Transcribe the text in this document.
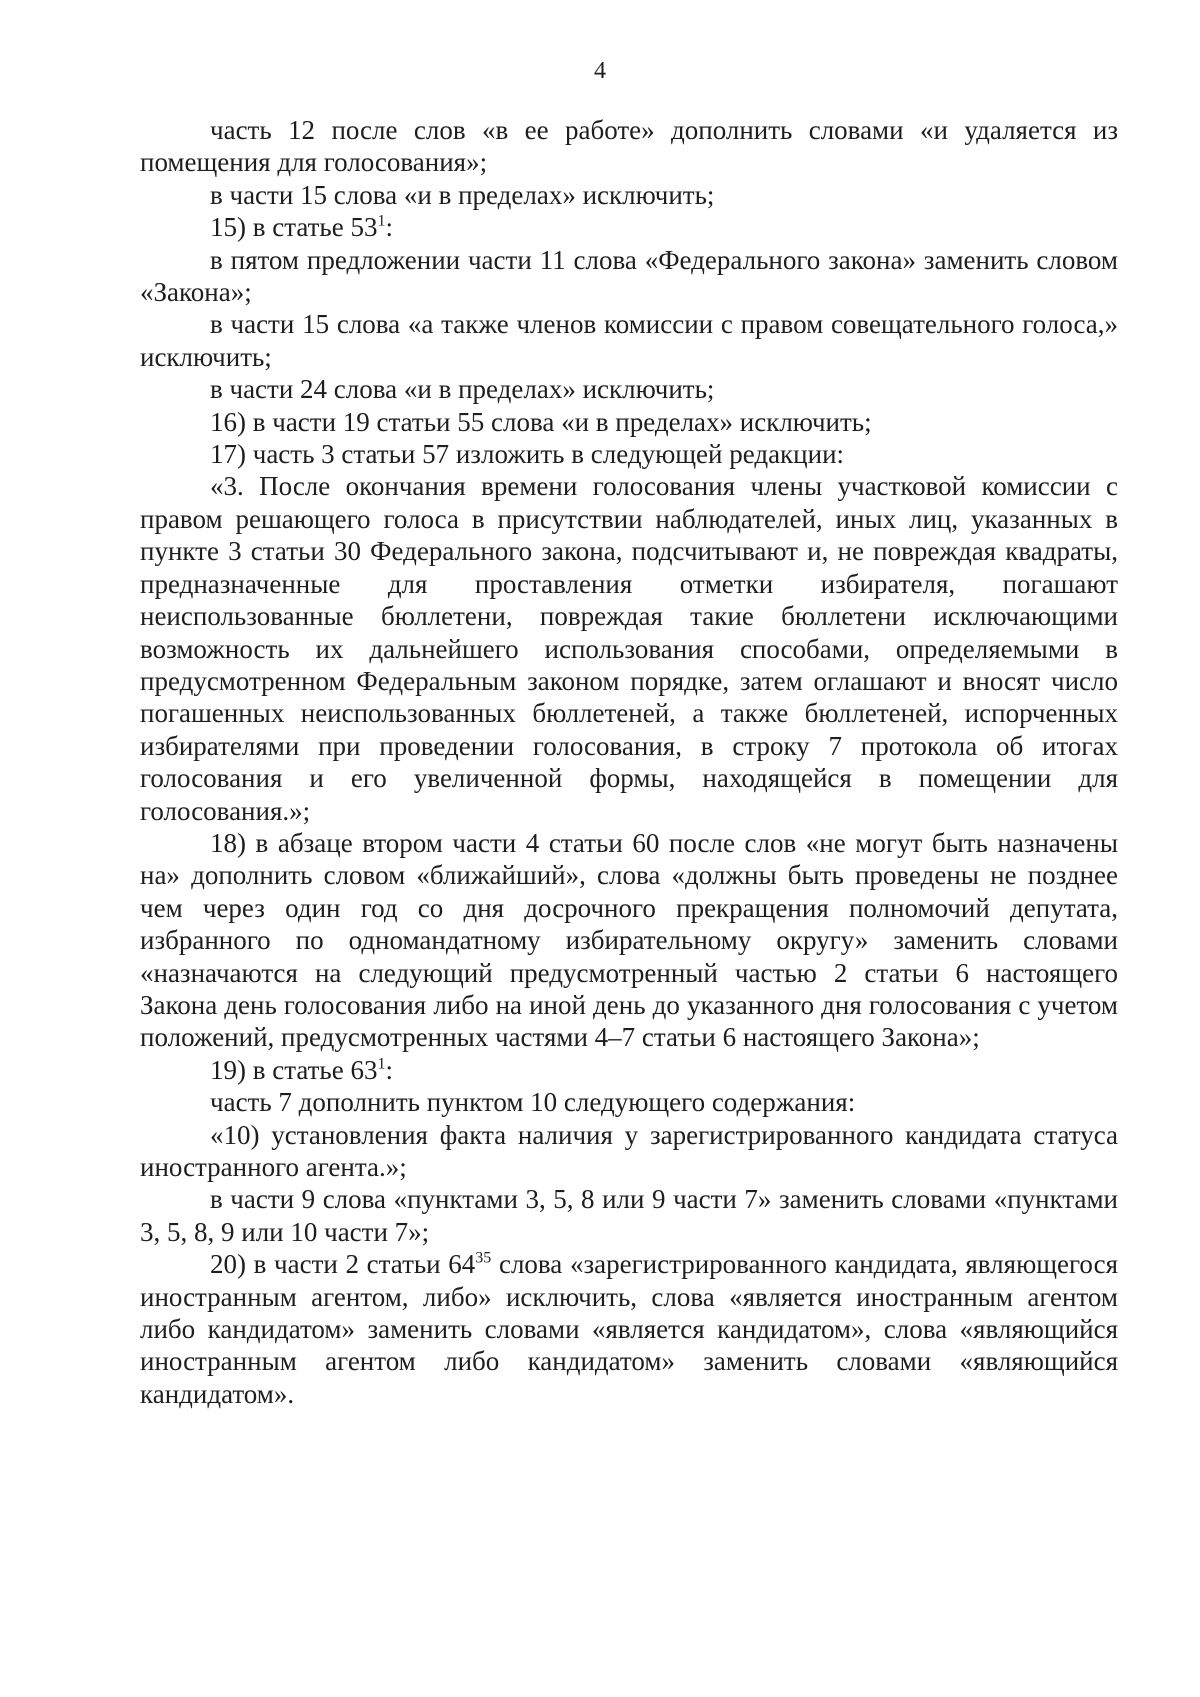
4

часть 12 после слов «в ее работе» дополнить словами «и удаляется из помещения для голосования»;

в части 15 слова «и в пределах» исключить;

15) в статье $53^1$:

в пятом предложении части 11 слова «Федерального закона» заменить словом «Закона»;

в части 15 слова «а также членов комиссии с правом совещательного голоса,» исключить;

в части 24 слова «и в пределах» исключить;

16) в части 19 статьи 55 слова «и в пределах» исключить;

17) часть 3 статьи 57 изложить в следующей редакции:

«3. После окончания времени голосования члены участковой комиссии с правом решающего голоса в присутствии наблюдателей, иных лиц, указанных в пункте 3 статьи 30 Федерального закона, подсчитывают и, не повреждая квадраты, предназначенные для проставления отметки избирателя, погашают неиспользованные бюллетени, повреждая такие бюллетени исключающими возможность их дальнейшего использования способами, определяемыми в предусмотренном Федеральным законом порядке, затем оглашают и вносят число погашенных неиспользованных бюллетеней, а также бюллетеней, испорченных избирателями при проведении голосования, в строку 7 протокола об итогах голосования и его увеличенной формы, находящейся в помещении для голосования.»;

18) в абзаце втором части 4 статьи 60 после слов «не могут быть назначены на» дополнить словом «ближайший», слова «должны быть проведены не позднее чем через один год со дня досрочного прекращения полномочий депутата, избранного по одномандатному избирательному округу» заменить словами «назначаются на следующий предусмотренный частью 2 статьи 6 настоящего Закона день голосования либо на иной день до указанного дня голосования с учетом положений, предусмотренных частями 4–7 статьи 6 настоящего Закона»;

19) в статье $63^1$:

часть 7 дополнить пунктом 10 следующего содержания:

«10) установления факта наличия у зарегистрированного кандидата статуса иностранного агента.»;

в части 9 слова «пунктами 3, 5, 8 или 9 части 7» заменить словами «пунктами 3, 5, 8, 9 или 10 части 7»;

20) в части 2 статьи $64^{35}$ слова «зарегистрированного кандидата, являющегося иностранным агентом, либо» исключить, слова «является иностранным агентом либо кандидатом» заменить словами «является кандидатом», слова «являющийся иностранным агентом либо кандидатом» заменить словами «являющийся кандидатом».
